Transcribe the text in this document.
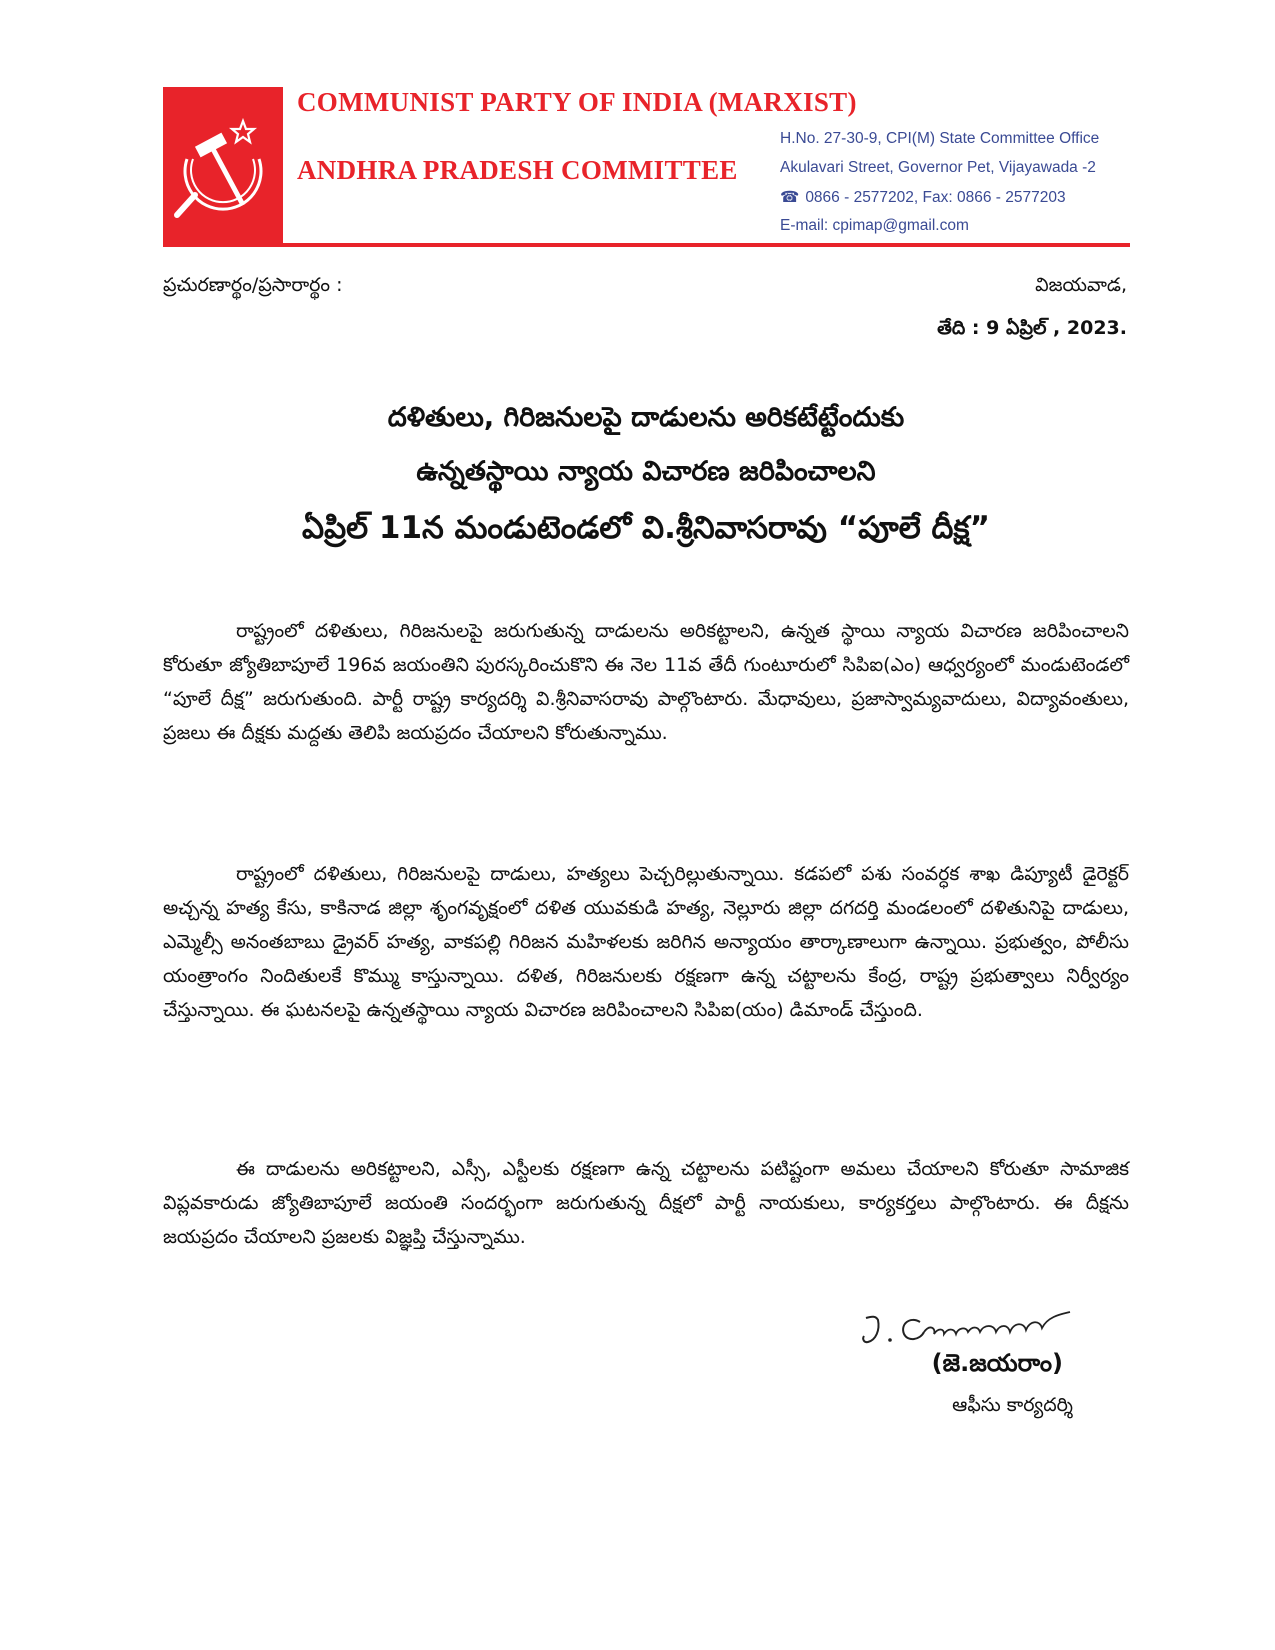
COMMUNIST PARTY OF INDIA (MARXIST)
ANDHRA PRADESH COMMITTEE
H.No. 27-30-9, CPI(M) State Committee Office
Akulavari Street, Governor Pet, Vijayawada -2
☎ 0866 - 2577202, Fax: 0866 - 2577203
E-mail: cpimap@gmail.com
ప్రచురణార్థం/ప్రసారార్థం :	విజయవాడ,
తేది : 9 ఏప్రిల్ , 2023.
దళితులు, గిరిజనులపై దాడులను అరికటేట్టేందుకు
ఉన్నతస్థాయి న్యాయ విచారణ జరిపించాలని
ఏప్రిల్ 11న మండుటెండలో వి.శ్రీనివాసరావు “పూలే దీక్ష”

రాష్ట్రంలో దళితులు, గిరిజనులపై జరుగుతున్న దాడులను అరికట్టాలని, ఉన్నత స్థాయి న్యాయ విచారణ జరిపించాలని కోరుతూ జ్యోతిబాపూలే 196వ జయంతిని పురస్కరించుకొని ఈ నెల 11వ తేదీ గుంటూరులో సిపిఐ(ఎం) ఆధ్వర్యంలో మండుటెండలో “పూలే దీక్ష” జరుగుతుంది. పార్టీ రాష్ట్ర కార్యదర్శి వి.శ్రీనివాసరావు పాల్గొంటారు. మేధావులు, ప్రజాస్వామ్యవాదులు, విద్యావంతులు, ప్రజలు ఈ దీక్షకు మద్దతు తెలిపి జయప్రదం చేయాలని కోరుతున్నాము.

రాష్ట్రంలో దళితులు, గిరిజనులపై దాడులు, హత్యలు పెచ్చరిల్లుతున్నాయి. కడపలో పశు సంవర్ధక శాఖ డిప్యూటీ డైరెక్టర్ అచ్చన్న హత్య కేసు, కాకినాడ జిల్లా శృంగవృక్షంలో దళిత యువకుడి హత్య, నెల్లూరు జిల్లా దగదర్తి మండలంలో దళితునిపై దాడులు, ఎమ్మెల్సీ అనంతబాబు డ్రైవర్ హత్య, వాకపల్లి గిరిజన మహిళలకు జరిగిన అన్యాయం తార్కాణాలుగా ఉన్నాయి. ప్రభుత్వం, పోలీసు యంత్రాంగం నిందితులకే కొమ్ము కాస్తున్నాయి. దళిత, గిరిజనులకు రక్షణగా ఉన్న చట్టాలను కేంద్ర, రాష్ట్ర ప్రభుత్వాలు నిర్వీర్యం చేస్తున్నాయి. ఈ ఘటనలపై ఉన్నతస్థాయి న్యాయ విచారణ జరిపించాలని సిపిఐ(యం) డిమాండ్ చేస్తుంది.

ఈ దాడులను అరికట్టాలని, ఎస్సీ, ఎస్టీలకు రక్షణగా ఉన్న చట్టాలను పటిష్టంగా అమలు చేయాలని కోరుతూ సామాజిక విప్లవకారుడు జ్యోతిబాపూలే జయంతి సందర్భంగా జరుగుతున్న దీక్షలో పార్టీ నాయకులు, కార్యకర్తలు పాల్గొంటారు. ఈ దీక్షను జయప్రదం చేయాలని ప్రజలకు విజ్ఞప్తి చేస్తున్నాము.

(జె.జయరాం)
ఆఫీసు కార్యదర్శి
